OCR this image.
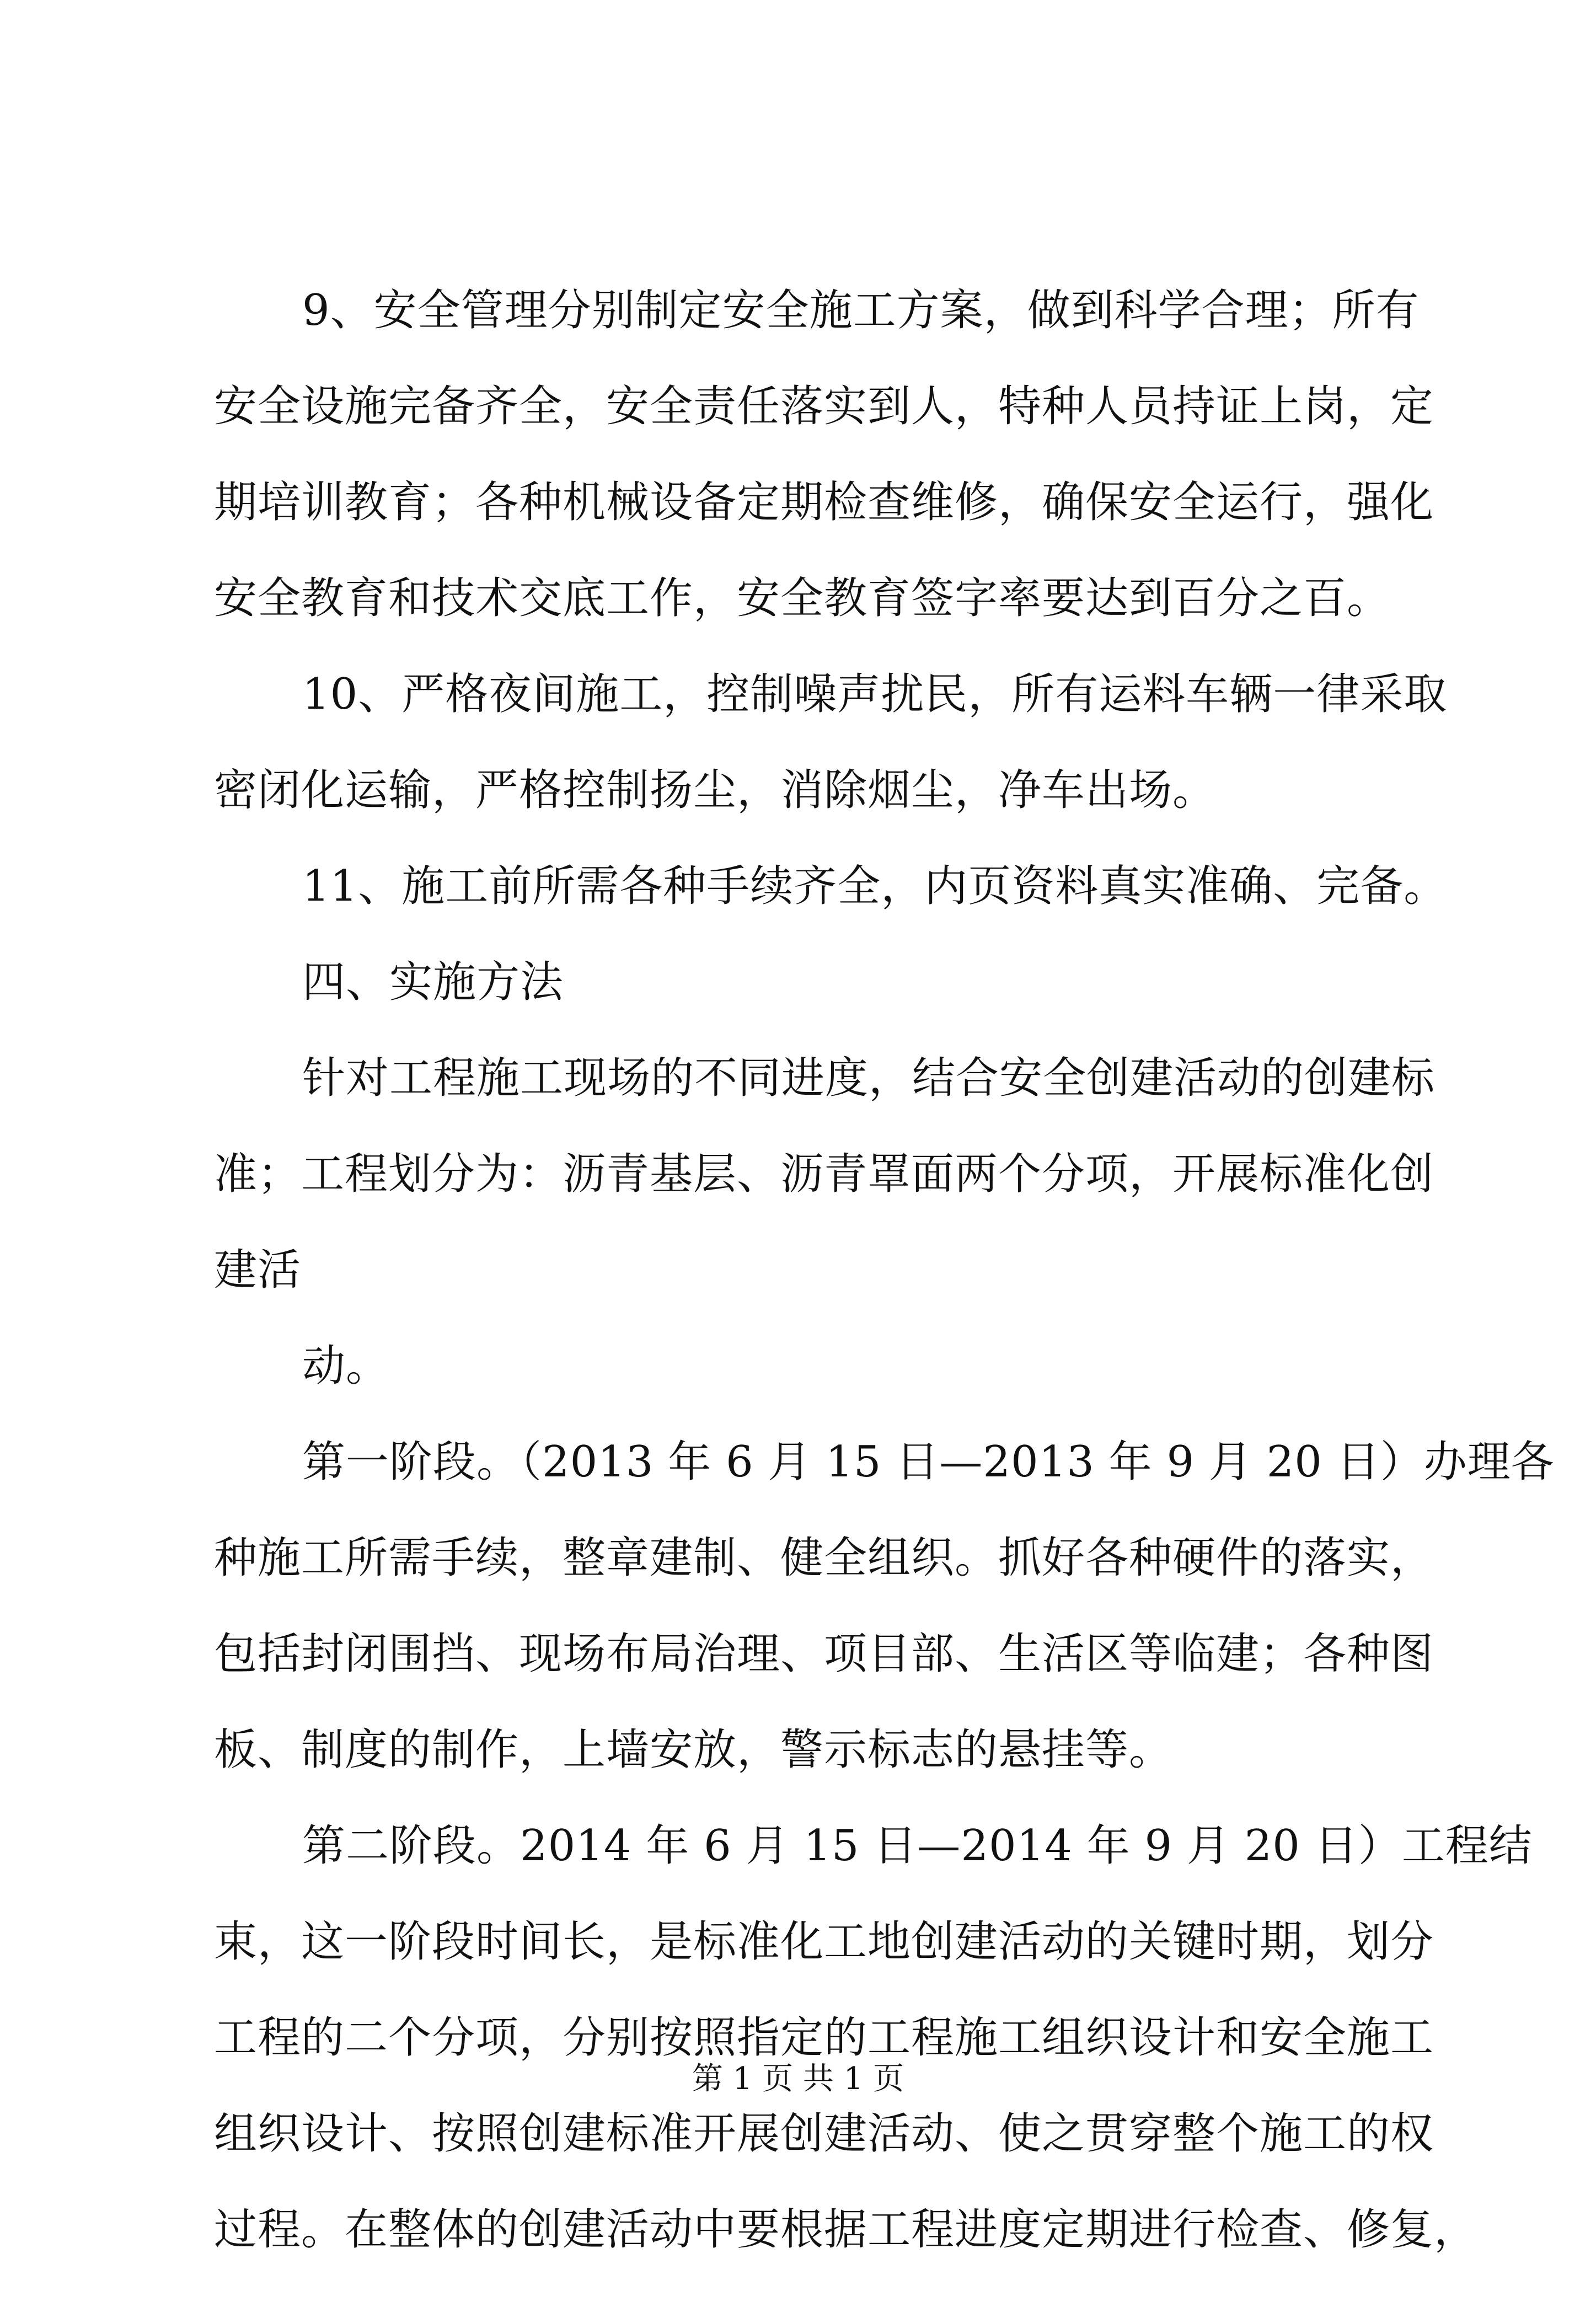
9、安全管理分别制定安全施工方案，做到科学合理；所有
安全设施完备齐全，安全责任落实到人，特种人员持证上岗，定
期培训教育；各种机械设备定期检查维修，确保安全运行，强化
安全教育和技术交底工作，安全教育签字率要达到百分之百。
10、严格夜间施工，控制噪声扰民，所有运料车辆一律采取
密闭化运输，严格控制扬尘，消除烟尘，净车出场。
11、施工前所需各种手续齐全，内页资料真实准确、完备。
四、实施方法
针对工程施工现场的不同进度，结合安全创建活动的创建标
准；工程划分为：沥青基层、沥青罩面两个分项，开展标准化创
建活
动。
第一阶段。（2013 年 6 月 15 日—2013 年 9 月 20 日）办理各
种施工所需手续，整章建制、健全组织。抓好各种硬件的落实，
包括封闭围挡、现场布局治理、项目部、生活区等临建；各种图
板、制度的制作，上墙安放，警示标志的悬挂等。
第二阶段。2014 年 6 月 15 日—2014 年 9 月 20 日）工程结
束，这一阶段时间长，是标准化工地创建活动的关键时期，划分
工程的二个分项，分别按照指定的工程施工组织设计和安全施工
组织设计、按照创建标准开展创建活动、使之贯穿整个施工的权
过程。在整体的创建活动中要根据工程进度定期进行检查、修复，
第 1 页 共 1 页
